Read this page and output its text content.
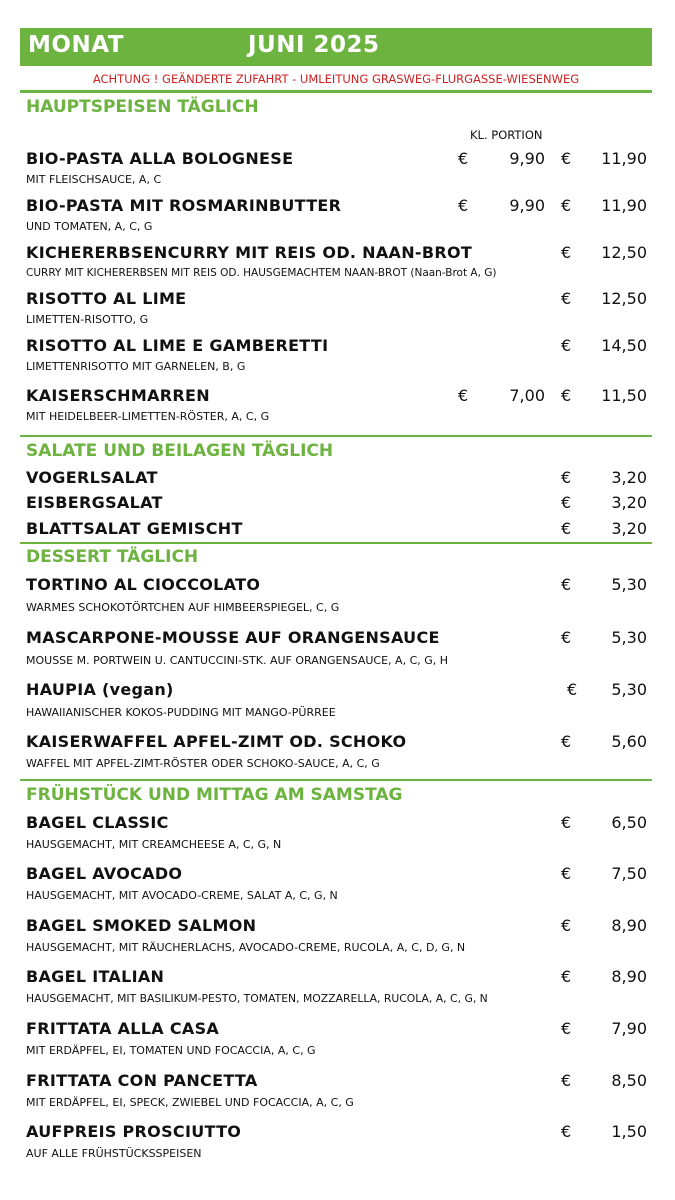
MONAT	JUNI 2025
ACHTUNG ! GEÄNDERTE ZUFAHRT - UMLEITUNG GRASWEG-FLURGASSE-WIESENWEG
HAUPTSPEISEN TÄGLICH
KL. PORTION
BIO-PASTA ALLA BOLOGNESE
MIT FLEISCHSAUCE, A, C
€	9,90 € 11,90
BIO-PASTA MIT ROSMARINBUTTER
UND TOMATEN, A, C, G
€	9,90 € 11,90
KICHERERBSENCURRY MIT REIS OD. NAAN-BROT
CURRY MIT KICHERERBSEN MIT REIS OD. HAUSGEMACHTEM NAAN-BROT (Naan-Brot A, G)
€ 12,50
RISOTTO AL LIME
LIMETTEN-RISOTTO, G
€ 12,50
RISOTTO AL LIME E GAMBERETTI
LIMETTENRISOTTO MIT GARNELEN, B, G
€ 14,50
KAISERSCHMARREN
MIT HEIDELBEER-LIMETTEN-RÖSTER, A, C, G
€	7,00 € 11,50
SALATE UND BEILAGEN TÄGLICH
VOGERLSALAT	€	3,20
EISBERGSALAT	€	3,20
BLATTSALAT GEMISCHT	€	3,20
DESSERT TÄGLICH
TORTINO AL CIOCCOLATO
WARMES SCHOKOTÖRTCHEN AUF HIMBEERSPIEGEL, C, G
€	5,30
MASCARPONE-MOUSSE AUF ORANGENSAUCE
MOUSSE M. PORTWEIN U. CANTUCCINI-STK. AUF ORANGENSAUCE, A, C, G, H
€	5,30
HAUPIA (vegan)
HAWAIIANISCHER KOKOS-PUDDING MIT MANGO-PÜRREE
€ 5,30
KAISERWAFFEL APFEL-ZIMT OD. SCHOKO
WAFFEL MIT APFEL-ZIMT-RÖSTER ODER SCHOKO-SAUCE, A, C, G
€	5,60
FRÜHSTÜCK UND MITTAG AM SAMSTAG
BAGEL CLASSIC
HAUSGEMACHT, MIT CREAMCHEESE A, C, G, N
€	6,50
BAGEL AVOCADO
HAUSGEMACHT, MIT AVOCADO-CREME, SALAT A, C, G, N
€	7,50
BAGEL SMOKED SALMON
HAUSGEMACHT, MIT RÄUCHERLACHS, AVOCADO-CREME, RUCOLA, A, C, D, G, N
€	8,90
BAGEL ITALIAN
HAUSGEMACHT, MIT BASILIKUM-PESTO, TOMATEN, MOZZARELLA, RUCOLA, A, C, G, N
€	8,90
FRITTATA ALLA CASA
MIT ERDÄPFEL, EI, TOMATEN UND FOCACCIA, A, C, G
€	7,90
FRITTATA CON PANCETTA
MIT ERDÄPFEL, EI, SPECK, ZWIEBEL UND FOCACCIA, A, C, G
€	8,50
AUFPREIS PROSCIUTTO
AUF ALLE FRÜHSTÜCKSSPEISEN
€	1,50
